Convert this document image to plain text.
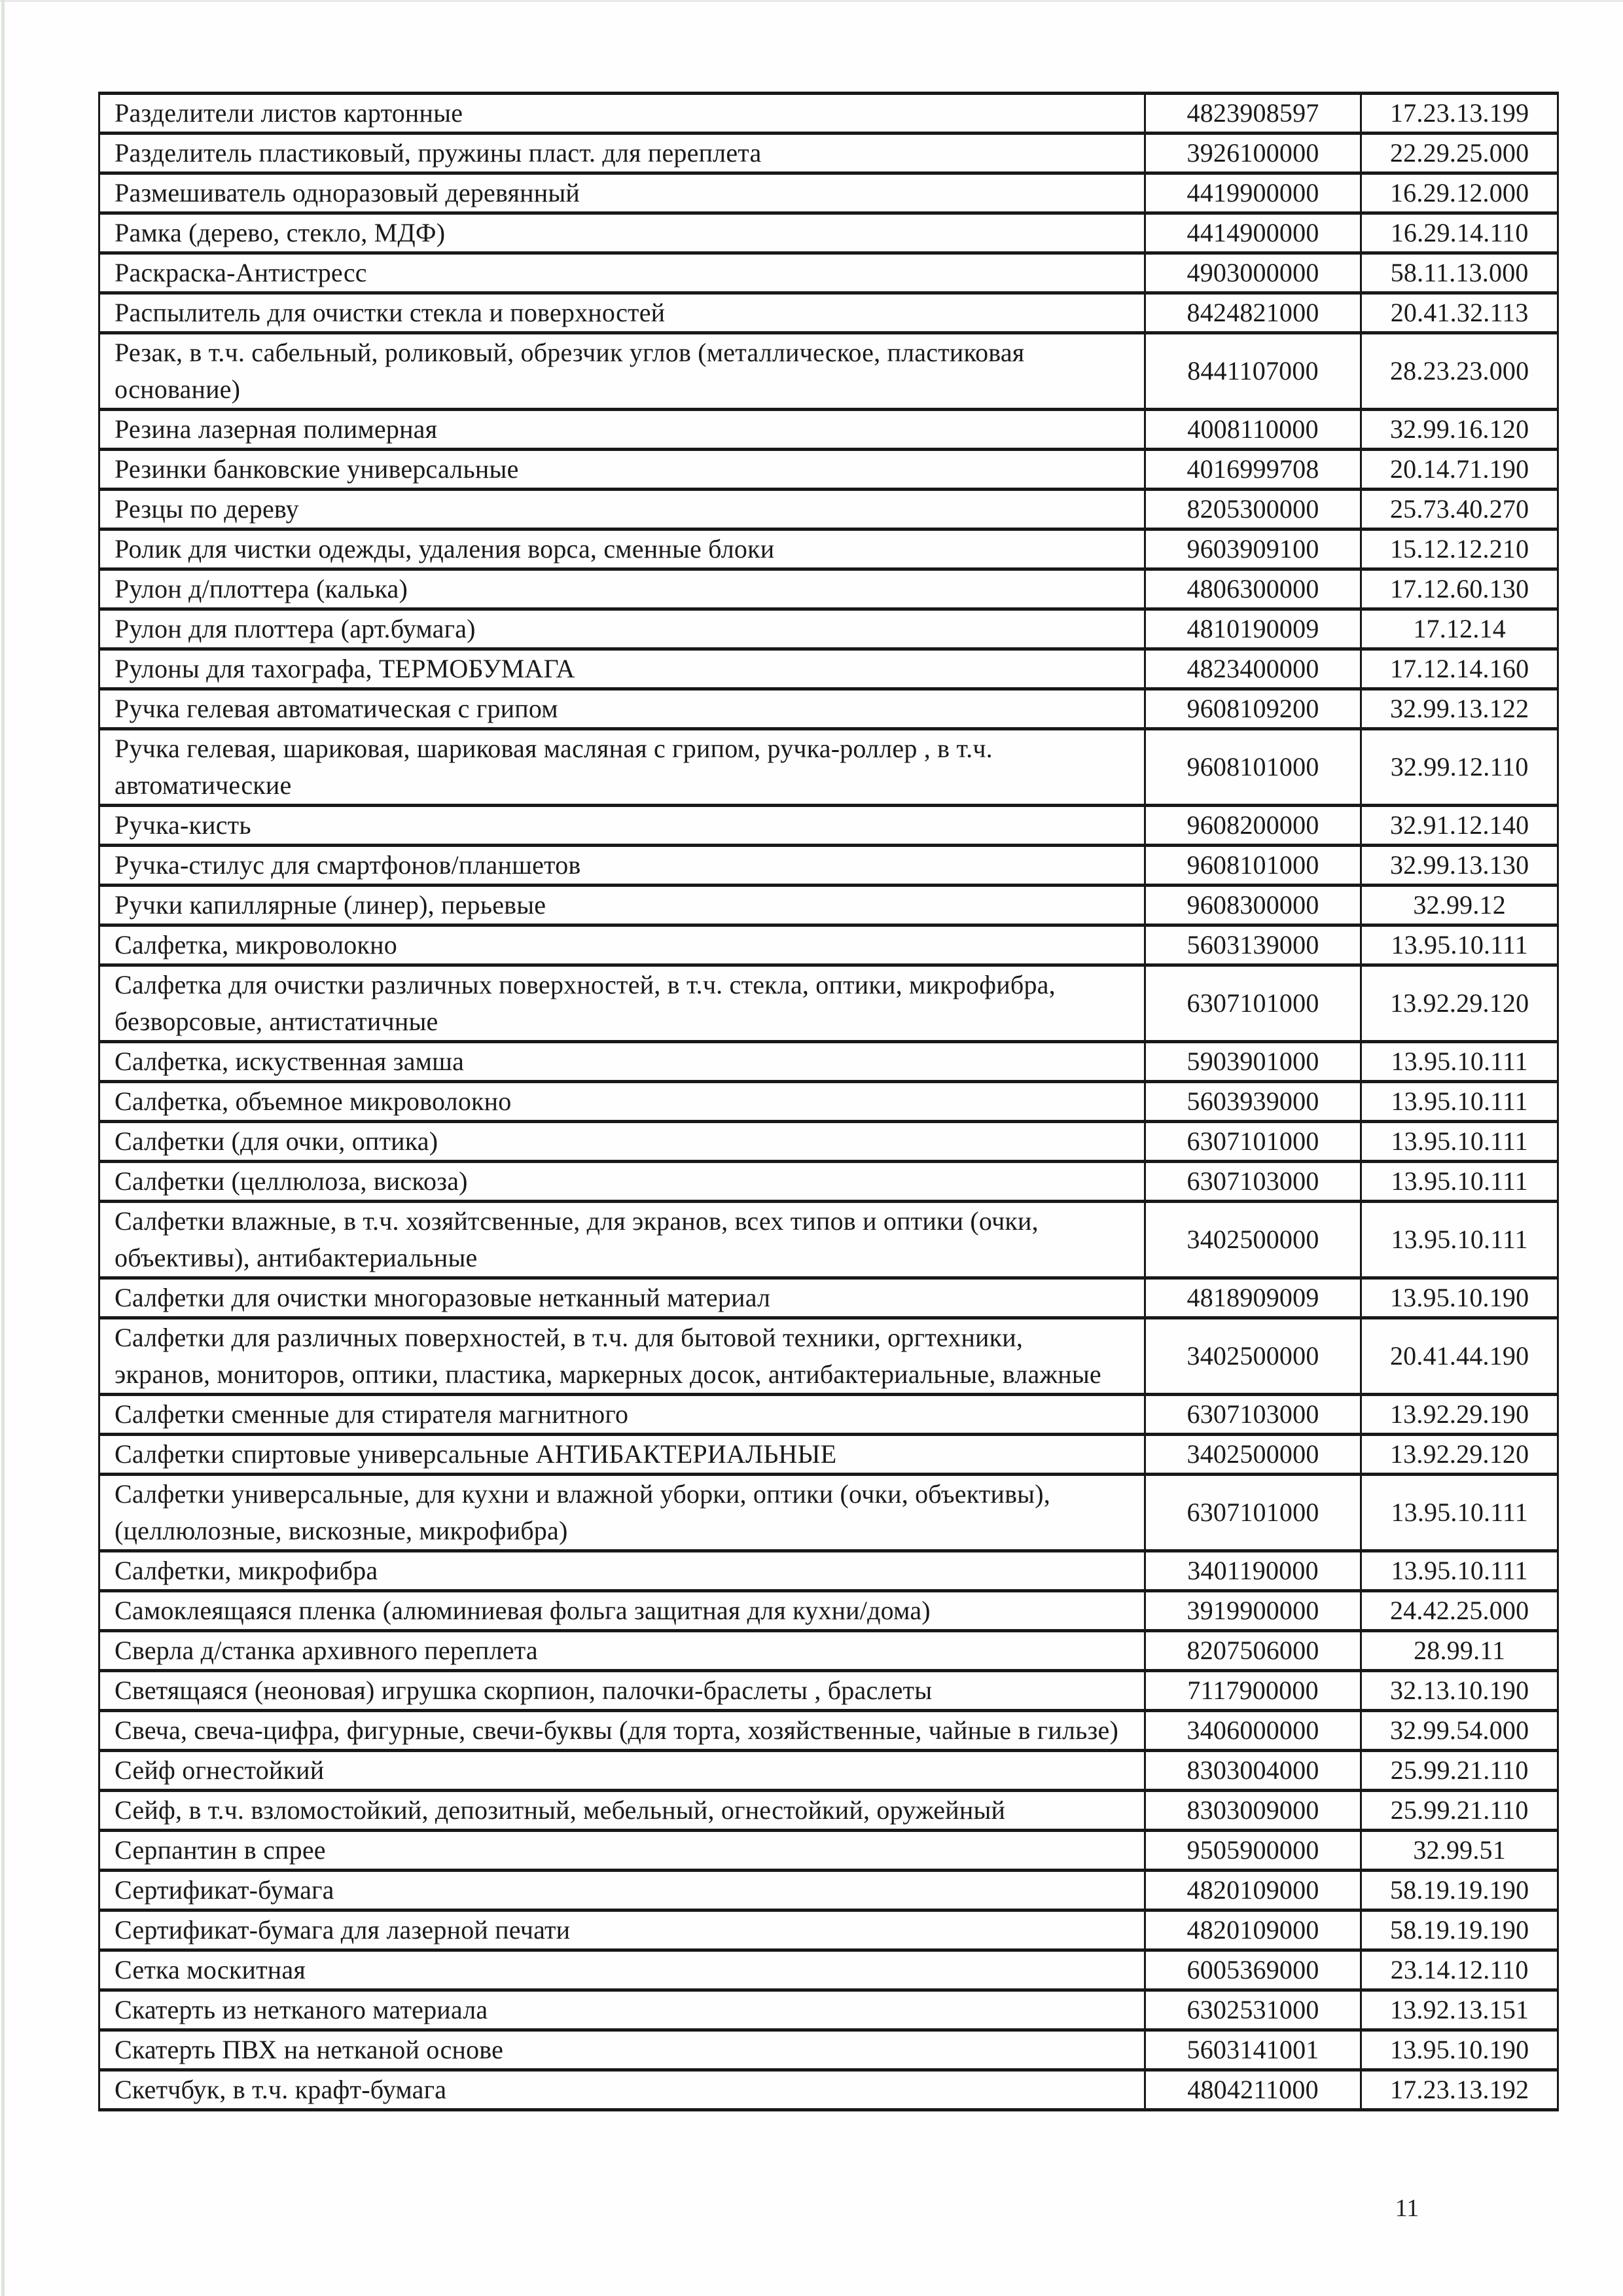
Разделители листов картонные	4823908597	17.23.13.199
Разделитель пластиковый, пружины пласт. для переплета	3926100000	22.29.25.000
Размешиватель одноразовый деревянный	4419900000	16.29.12.000
Рамка (дерево, стекло, МДФ)	4414900000	16.29.14.110
Раскраска-Антистресс	4903000000	58.11.13.000
Распылитель для очистки стекла и поверхностей	8424821000	20.41.32.113
Резак, в т.ч. сабельный, роликовый, обрезчик углов (металлическое, пластиковая основание)	8441107000	28.23.23.000
Резина лазерная полимерная	4008110000	32.99.16.120
Резинки банковские универсальные	4016999708	20.14.71.190
Резцы по дереву	8205300000	25.73.40.270
Ролик для чистки одежды, удаления ворса, сменные блоки	9603909100	15.12.12.210
Рулон д/плоттера (калька)	4806300000	17.12.60.130
Рулон для плоттера (арт.бумага)	4810190009	17.12.14
Рулоны для тахографа, ТЕРМОБУМАГА	4823400000	17.12.14.160
Ручка гелевая автоматическая с грипом	9608109200	32.99.13.122
Ручка гелевая, шариковая, шариковая масляная с грипом, ручка-роллер , в т.ч. автоматические	9608101000	32.99.12.110
Ручка-кисть	9608200000	32.91.12.140
Ручка-стилус для смартфонов/планшетов	9608101000	32.99.13.130
Ручки капиллярные (линер), перьевые	9608300000	32.99.12
Салфетка, микроволокно	5603139000	13.95.10.111
Салфетка для очистки различных поверхностей, в т.ч. стекла, оптики, микрофибра, безворсовые, антистатичные	6307101000	13.92.29.120
Салфетка, искуственная замша	5903901000	13.95.10.111
Салфетка, объемное микроволокно	5603939000	13.95.10.111
Салфетки (для очки, оптика)	6307101000	13.95.10.111
Салфетки (целлюлоза, вискоза)	6307103000	13.95.10.111
Салфетки влажные, в т.ч. хозяйтсвенные, для экранов, всех типов и оптики (очки, объективы), антибактериальные	3402500000	13.95.10.111
Салфетки для очистки многоразовые нетканный материал	4818909009	13.95.10.190
Салфетки для различных поверхностей, в т.ч. для бытовой техники, оргтехники, экранов, мониторов, оптики, пластика, маркерных досок, антибактериальные, влажные	3402500000	20.41.44.190
Салфетки сменные для стирателя магнитного	6307103000	13.92.29.190
Салфетки спиртовые универсальные АНТИБАКТЕРИАЛЬНЫЕ	3402500000	13.92.29.120
Салфетки универсальные, для кухни и влажной уборки, оптики (очки, объективы), (целлюлозные, вискозные, микрофибра)	6307101000	13.95.10.111
Салфетки, микрофибра	3401190000	13.95.10.111
Самоклеящаяся пленка (алюминиевая фольга защитная для кухни/дома)	3919900000	24.42.25.000
Сверла д/станка архивного переплета	8207506000	28.99.11
Светящаяся (неоновая) игрушка скорпион, палочки-браслеты , браслеты	7117900000	32.13.10.190
Свеча, свеча-цифра, фигурные, свечи-буквы (для торта, хозяйственные, чайные в гильзе)	3406000000	32.99.54.000
Сейф огнестойкий	8303004000	25.99.21.110
Сейф, в т.ч. взломостойкий, депозитный, мебельный, огнестойкий, оружейный	8303009000	25.99.21.110
Серпантин в спрее	9505900000	32.99.51
Сертификат-бумага	4820109000	58.19.19.190
Сертификат-бумага для лазерной печати	4820109000	58.19.19.190
Сетка москитная	6005369000	23.14.12.110
Скатерть из нетканого материала	6302531000	13.92.13.151
Скатерть ПВХ на нетканой основе	5603141001	13.95.10.190
Скетчбук, в т.ч. крафт-бумага	4804211000	17.23.13.192
11
